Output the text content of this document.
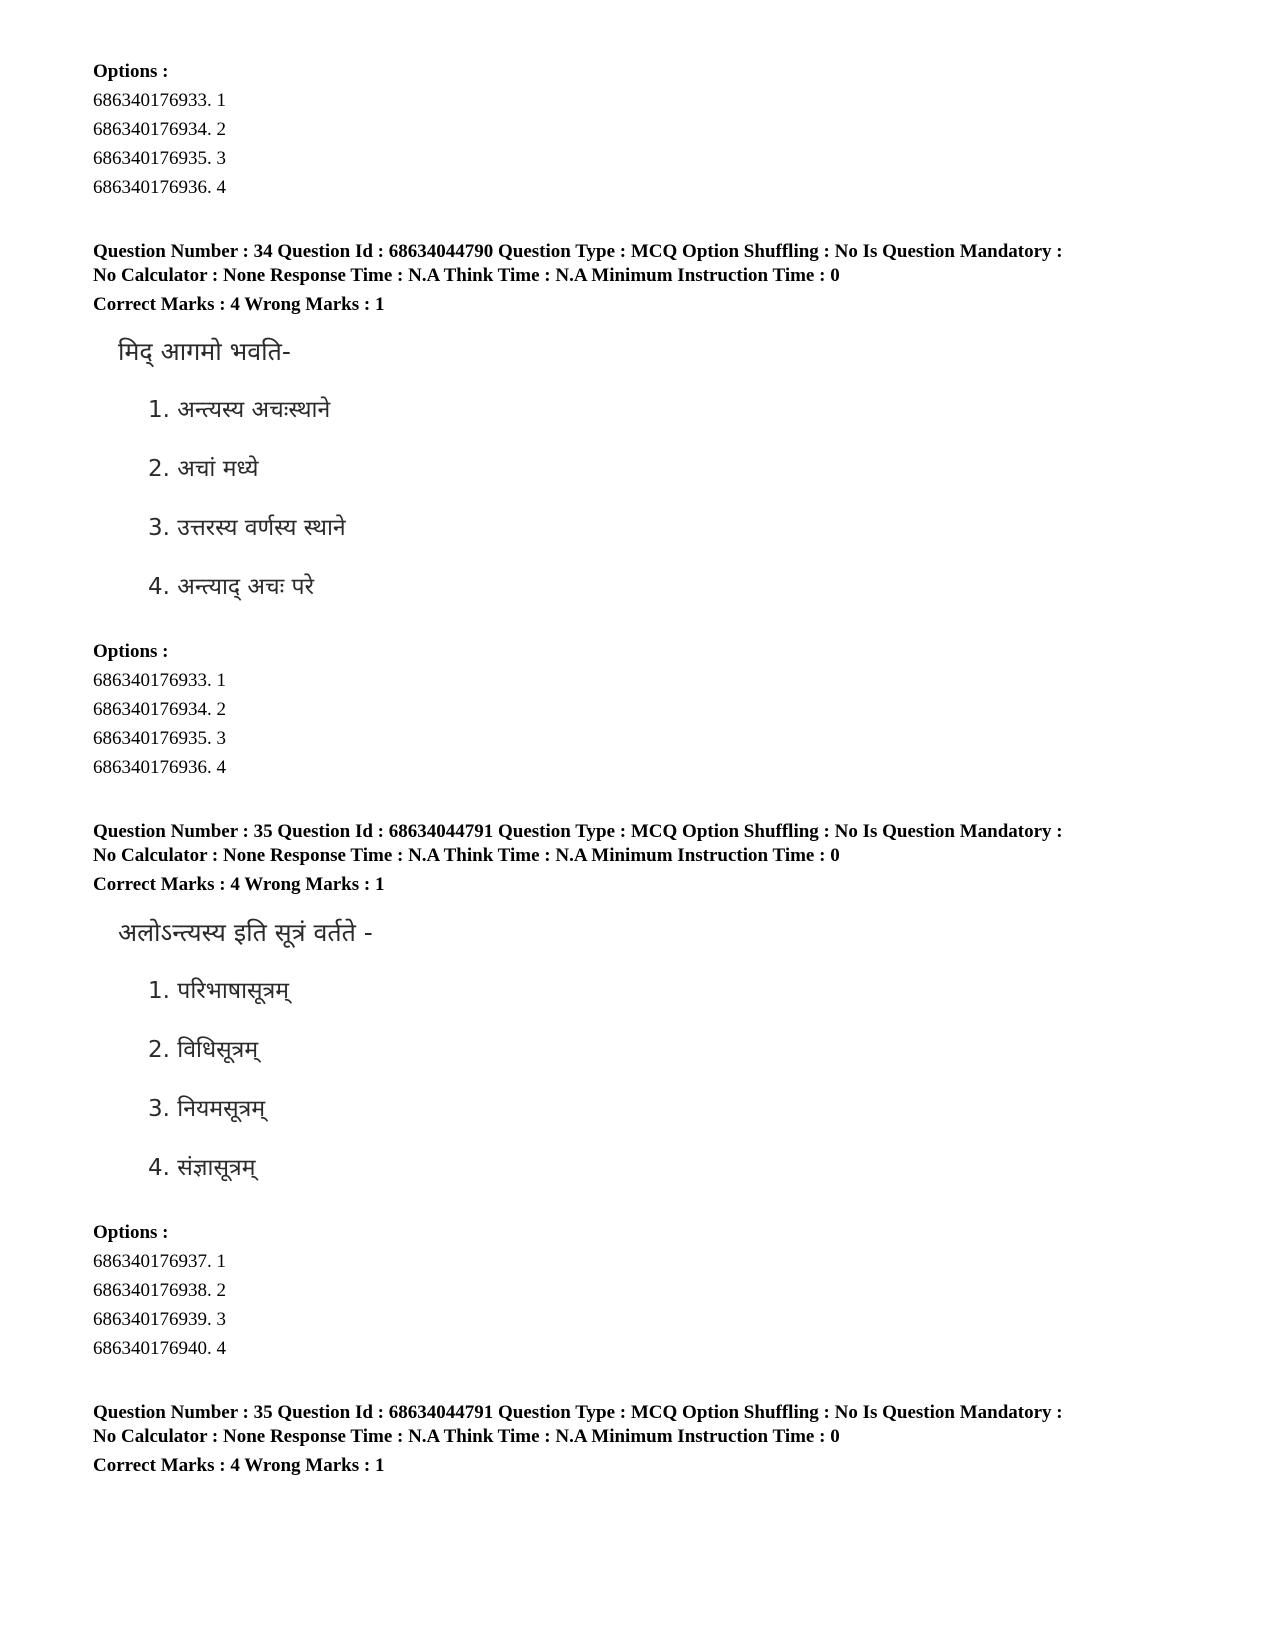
Options :
686340176933. 1
686340176934. 2
686340176935. 3
686340176936. 4
Question Number : 34 Question Id : 68634044790 Question Type : MCQ Option Shuffling : No Is Question Mandatory :
No Calculator : None Response Time : N.A Think Time : N.A Minimum Instruction Time : 0
Correct Marks : 4 Wrong Marks : 1
मिद् आगमो भवति-
1. अन्त्यस्य अचःस्थाने
2. अचां मध्ये
3. उत्तरस्य वर्णस्य स्थाने
4. अन्त्याद् अचः परे
Options :
686340176933. 1
686340176934. 2
686340176935. 3
686340176936. 4
Question Number : 35 Question Id : 68634044791 Question Type : MCQ Option Shuffling : No Is Question Mandatory :
No Calculator : None Response Time : N.A Think Time : N.A Minimum Instruction Time : 0
Correct Marks : 4 Wrong Marks : 1
अलोऽन्त्यस्य इति सूत्रं वर्तते -
1. परिभाषासूत्रम्
2. विधिसूत्रम्
3. नियमसूत्रम्
4. संज्ञासूत्रम्
Options :
686340176937. 1
686340176938. 2
686340176939. 3
686340176940. 4
Question Number : 35 Question Id : 68634044791 Question Type : MCQ Option Shuffling : No Is Question Mandatory :
No Calculator : None Response Time : N.A Think Time : N.A Minimum Instruction Time : 0
Correct Marks : 4 Wrong Marks : 1
